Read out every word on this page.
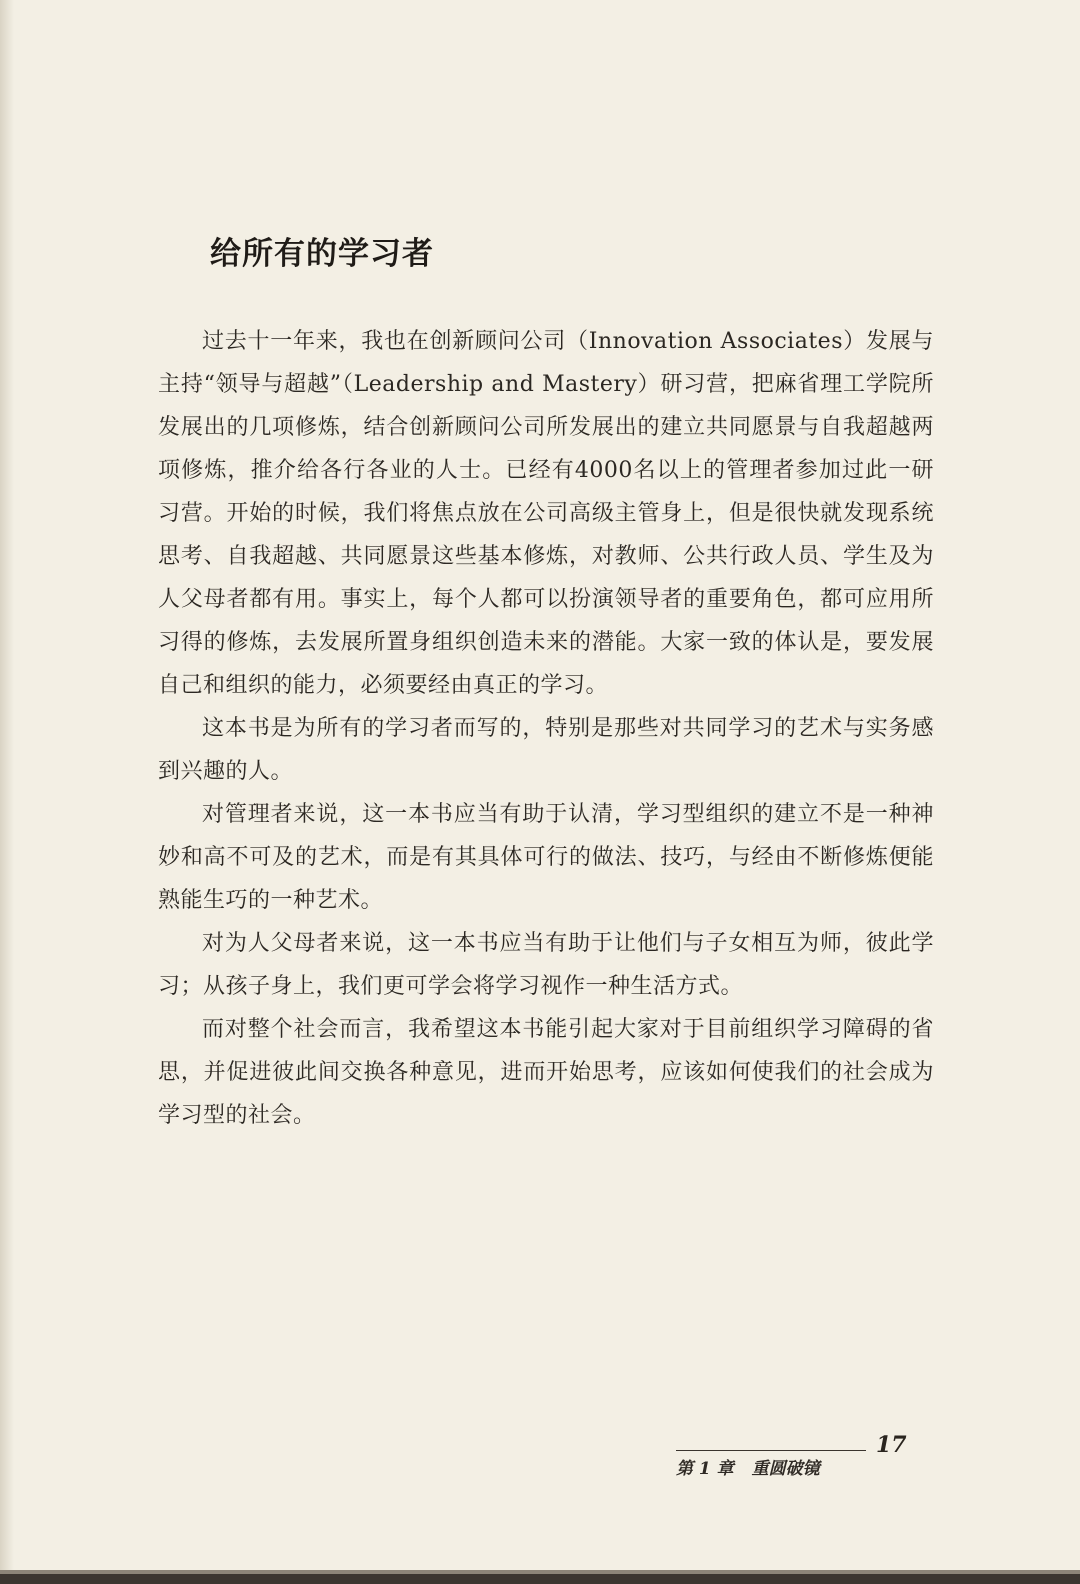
给所有的学习者

过去十一年来，我也在创新顾问公司（Innovation Associates）发展与主持“领导与超越”（Leadership and Mastery）研习营，把麻省理工学院所发展出的几项修炼，结合创新顾问公司所发展出的建立共同愿景与自我超越两项修炼，推介给各行各业的人士。已经有4000名以上的管理者参加过此一研习营。开始的时候，我们将焦点放在公司高级主管身上，但是很快就发现系统思考、自我超越、共同愿景这些基本修炼，对教师、公共行政人员、学生及为人父母者都有用。事实上，每个人都可以扮演领导者的重要角色，都可应用所习得的修炼，去发展所置身组织创造未来的潜能。大家一致的体认是，要发展自己和组织的能力，必须要经由真正的学习。

这本书是为所有的学习者而写的，特别是那些对共同学习的艺术与实务感到兴趣的人。

对管理者来说，这一本书应当有助于认清，学习型组织的建立不是一种神妙和高不可及的艺术，而是有其具体可行的做法、技巧，与经由不断修炼便能熟能生巧的一种艺术。

对为人父母者来说，这一本书应当有助于让他们与子女相互为师，彼此学习；从孩子身上，我们更可学会将学习视作一种生活方式。

而对整个社会而言，我希望这本书能引起大家对于目前组织学习障碍的省思，并促进彼此间交换各种意见，进而开始思考，应该如何使我们的社会成为学习型的社会。

第 1 章 重圆破镜
17
